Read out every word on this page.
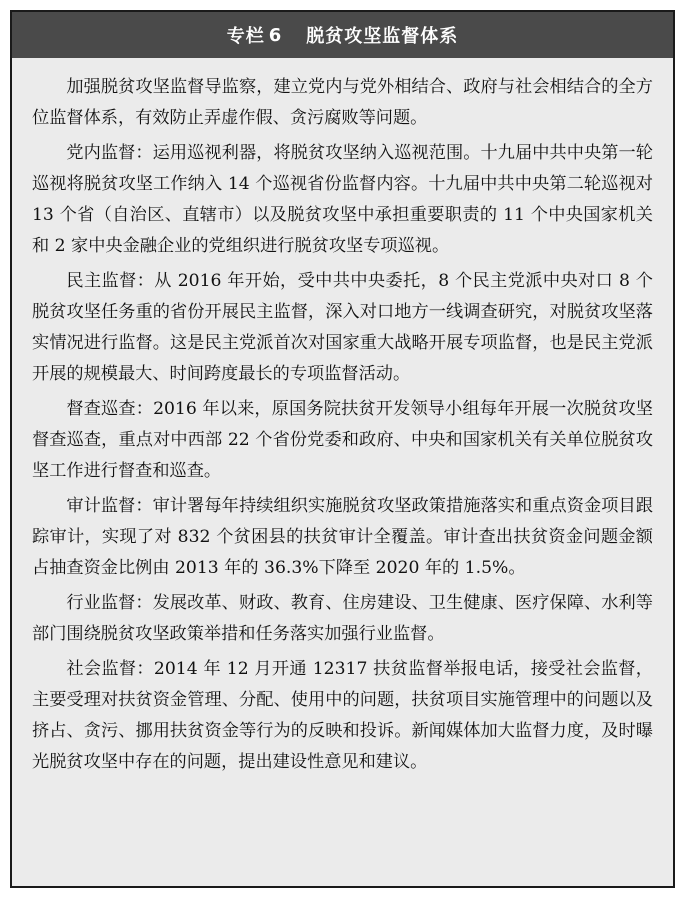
专栏 6 脱贫攻坚监督体系

加强脱贫攻坚监督导监察，建立党内与党外相结合、政府与社会相结合的全方位监督体系，有效防止弄虚作假、贪污腐败等问题。

党内监督：运用巡视利器，将脱贫攻坚纳入巡视范围。十九届中共中央第一轮巡视将脱贫攻坚工作纳入 14 个巡视省份监督内容。十九届中共中央第二轮巡视对 13 个省（自治区、直辖市）以及脱贫攻坚中承担重要职责的 11 个中央国家机关和 2 家中央金融企业的党组织进行脱贫攻坚专项巡视。

民主监督：从 2016 年开始，受中共中央委托，8 个民主党派中央对口 8 个脱贫攻坚任务重的省份开展民主监督，深入对口地方一线调查研究，对脱贫攻坚落实情况进行监督。这是民主党派首次对国家重大战略开展专项监督，也是民主党派开展的规模最大、时间跨度最长的专项监督活动。

督查巡查：2016 年以来，原国务院扶贫开发领导小组每年开展一次脱贫攻坚督查巡查，重点对中西部 22 个省份党委和政府、中央和国家机关有关单位脱贫攻坚工作进行督查和巡查。

审计监督：审计署每年持续组织实施脱贫攻坚政策措施落实和重点资金项目跟踪审计，实现了对 832 个贫困县的扶贫审计全覆盖。审计查出扶贫资金问题金额占抽查资金比例由 2013 年的 36.3%下降至 2020 年的 1.5%。

行业监督：发展改革、财政、教育、住房建设、卫生健康、医疗保障、水利等部门围绕脱贫攻坚政策举措和任务落实加强行业监督。

社会监督：2014 年 12 月开通 12317 扶贫监督举报电话，接受社会监督，主要受理对扶贫资金管理、分配、使用中的问题，扶贫项目实施管理中的问题以及挤占、贪污、挪用扶贫资金等行为的反映和投诉。新闻媒体加大监督力度，及时曝光脱贫攻坚中存在的问题，提出建设性意见和建议。
